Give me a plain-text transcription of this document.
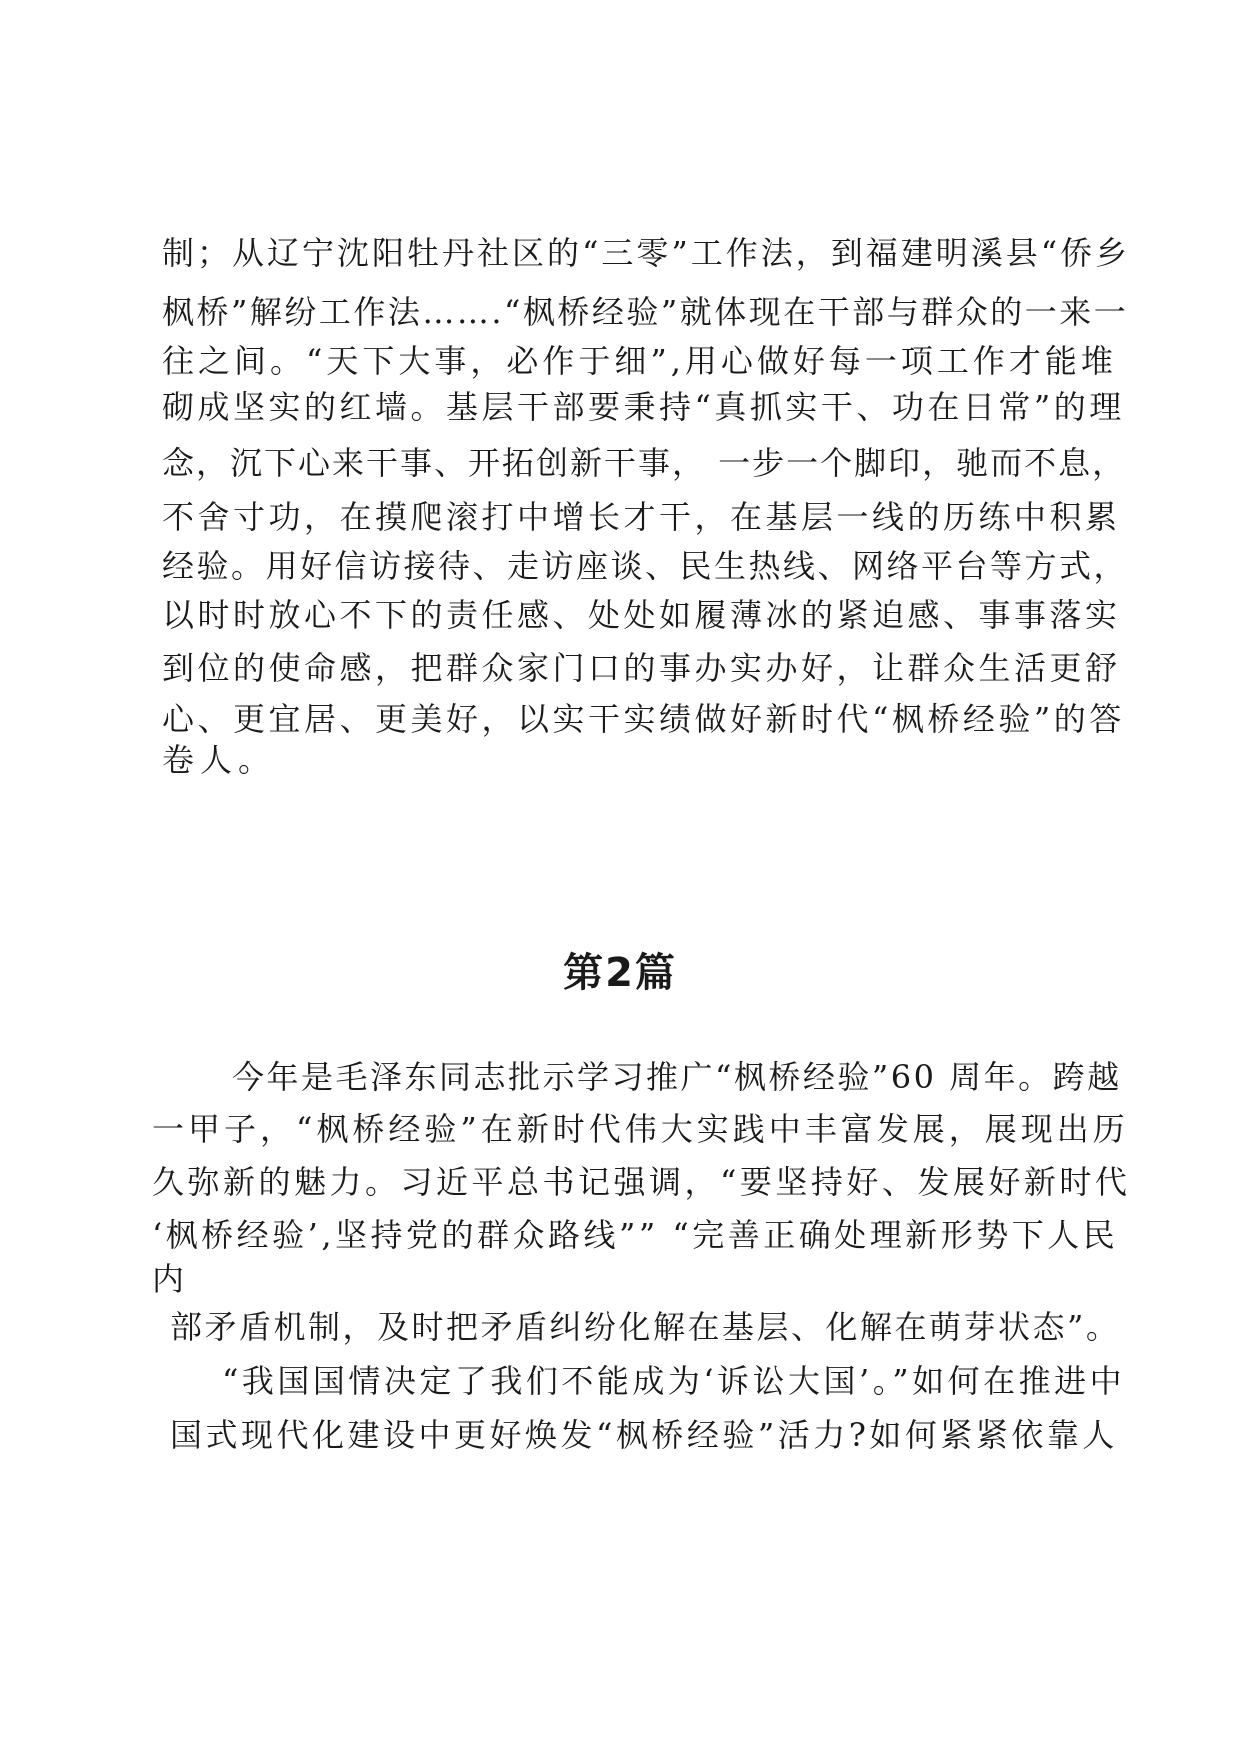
制；从辽宁沈阳牡丹社区的“三零”工作法，到福建明溪县“侨乡
枫桥”解纷工作法…….“枫桥经验”就体现在干部与群众的一来一
往之间。“天下大事，必作于细”,用心做好每一项工作才能堆
砌成坚实的红墙。基层干部要秉持“真抓实干、功在日常”的理
念，沉下心来干事、开拓创新干事， 一步一个脚印，驰而不息，
不舍寸功，在摸爬滚打中增长才干，在基层一线的历练中积累
经验。用好信访接待、走访座谈、民生热线、网络平台等方式，
以时时放心不下的责任感、处处如履薄冰的紧迫感、事事落实
到位的使命感，把群众家门口的事办实办好，让群众生活更舒
心、更宜居、更美好，以实干实绩做好新时代“枫桥经验”的答
卷人。
第2篇
今年是毛泽东同志批示学习推广“枫桥经验”60 周年。跨越
一甲子，“枫桥经验”在新时代伟大实践中丰富发展，展现出历
久弥新的魅力。习近平总书记强调，“要坚持好、发展好新时代
‘枫桥经验’,坚持党的群众路线”” “完善正确处理新形势下人民
内
部矛盾机制，及时把矛盾纠纷化解在基层、化解在萌芽状态”。
“我国国情决定了我们不能成为‘诉讼大国’。”如何在推进中
国式现代化建设中更好焕发“枫桥经验”活力?如何紧紧依靠人
